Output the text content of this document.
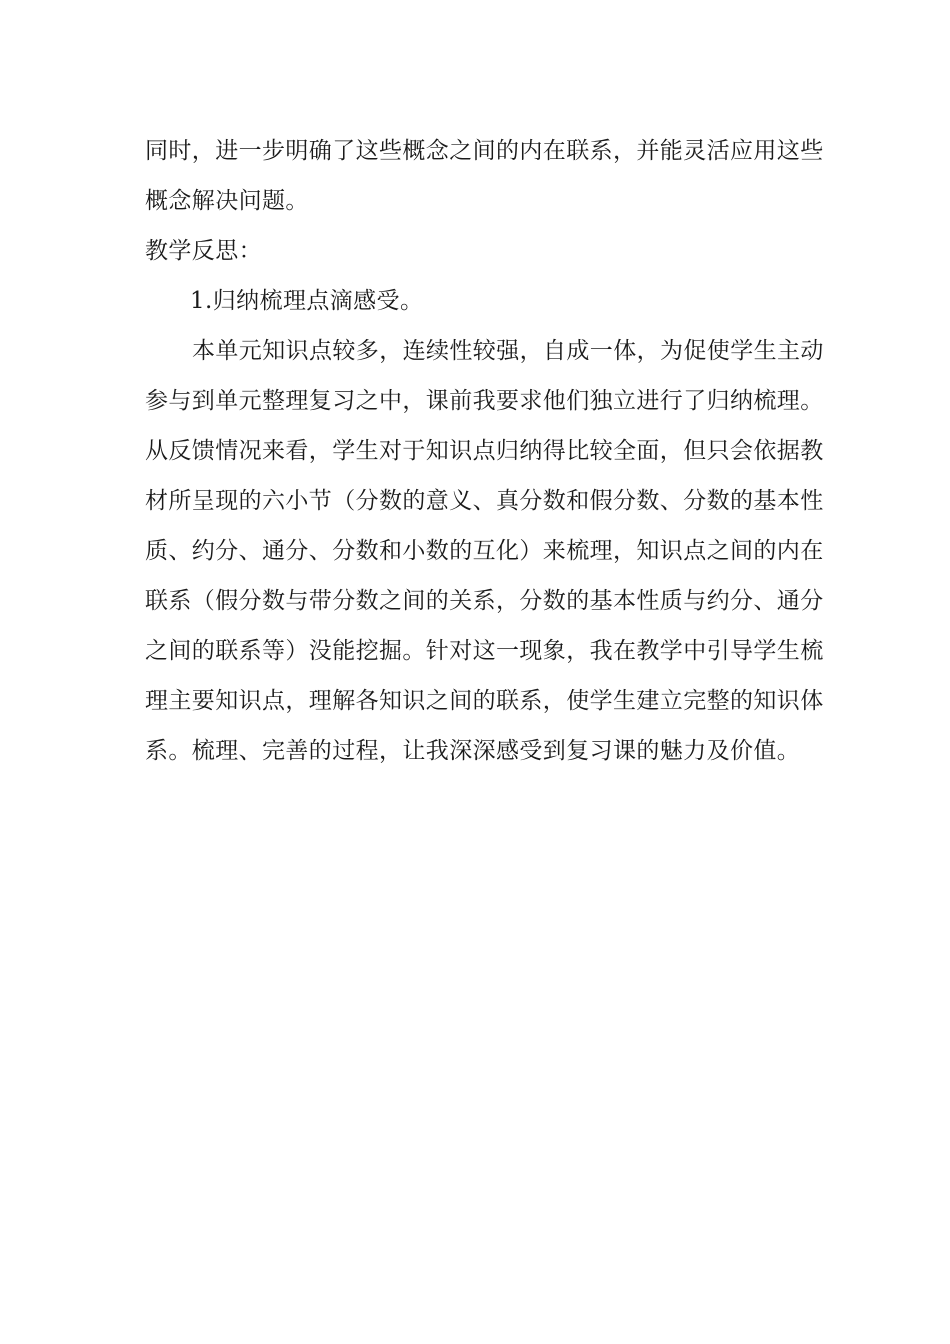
同时，进一步明确了这些概念之间的内在联系，并能灵活应用这些
概念解决问题。
教学反思：
1.归纳梳理点滴感受。
本单元知识点较多，连续性较强，自成一体，为促使学生主动
参与到单元整理复习之中，课前我要求他们独立进行了归纳梳理。
从反馈情况来看，学生对于知识点归纳得比较全面，但只会依据教
材所呈现的六小节（分数的意义、真分数和假分数、分数的基本性
质、约分、通分、分数和小数的互化）来梳理，知识点之间的内在
联系（假分数与带分数之间的关系，分数的基本性质与约分、通分
之间的联系等）没能挖掘。针对这一现象，我在教学中引导学生梳
理主要知识点，理解各知识之间的联系，使学生建立完整的知识体
系。梳理、完善的过程，让我深深感受到复习课的魅力及价值。
